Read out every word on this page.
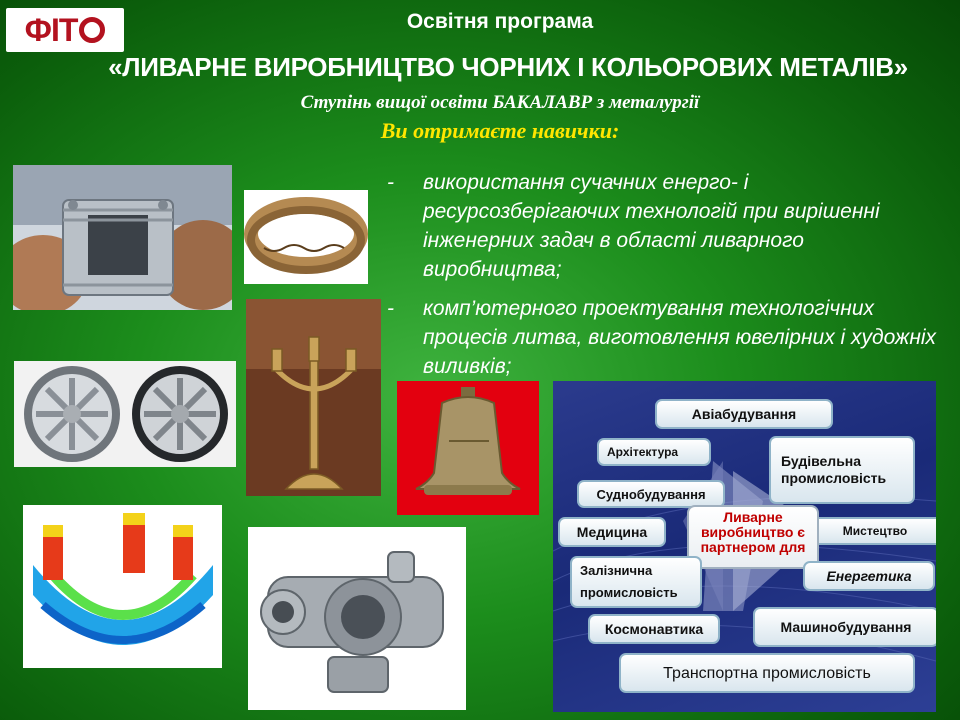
ФІТ	Освітня програма
«ЛИВАРНЕ ВИРОБНИЦТВО ЧОРНИХ І КОЛЬОРОВИХ МЕТАЛІВ»
Ступінь вищої освіти БАКАЛАВР з металургії
Ви отримаєте навички:
- використання сучачних енерго- і ресурсозберігаючих технологій при вирішенні інженерних задач в області ливарного виробництва;
- комп’ютерного проектування технологічних процесів литва, виготовлення ювелірних і художніх виливків;
Авіабудування
Архітектура
Будівельна промисловість
Суднобудування
Медицина	Мистецтво
Ливарне виробництво є партнером для
Залізнична промисловість
Енергетика
Космонавтика	Машинобудування
Транспортна промисловість
